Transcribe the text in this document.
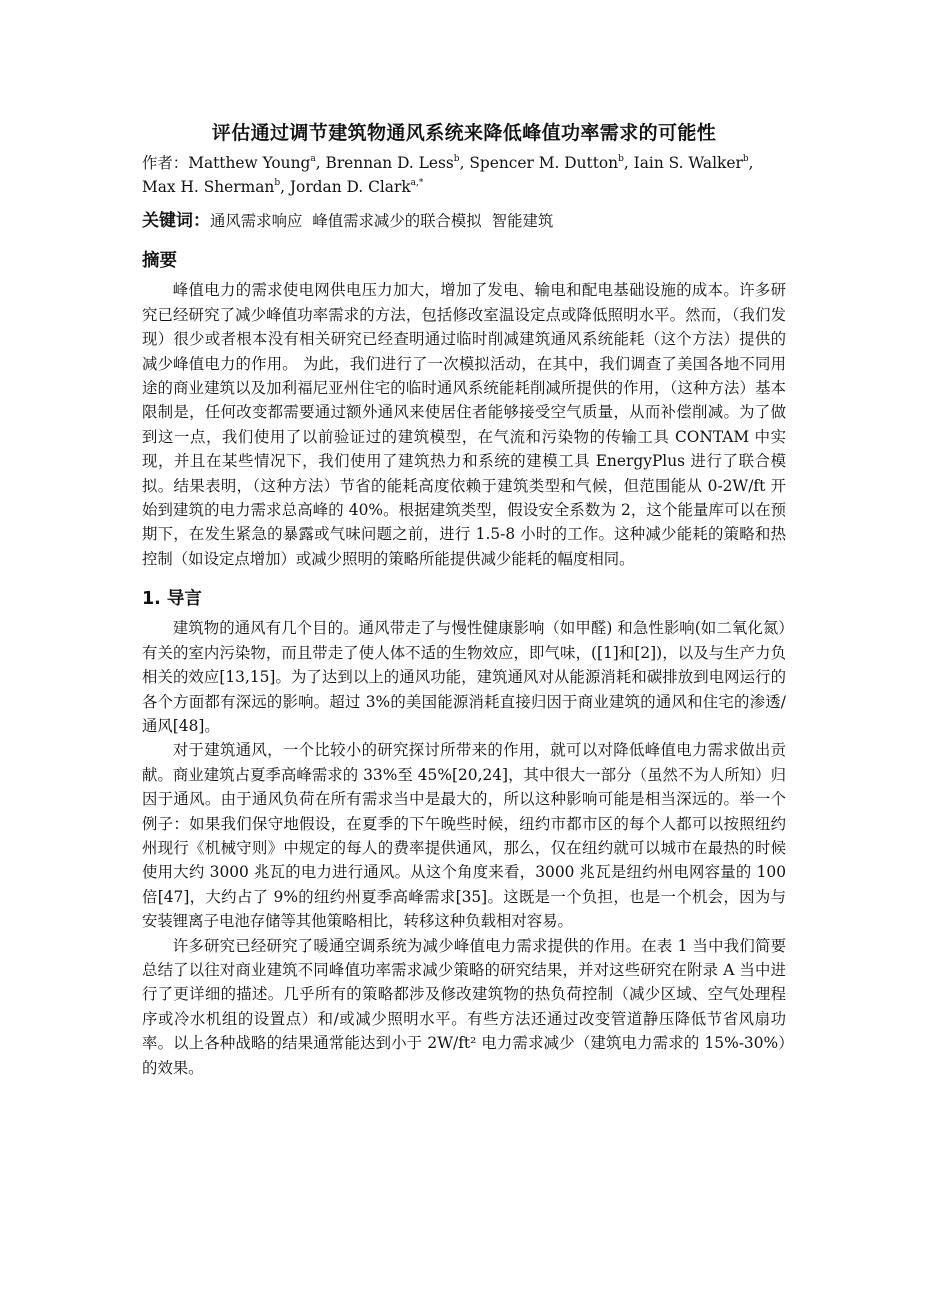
评估通过调节建筑物通风系统来降低峰值功率需求的可能性

作者：Matthew Young$^a$, Brennan D. Less$^b$, Spencer M. Dutton$^b$, Iain S. Walker$^b$,
Max H. Sherman$^b$, Jordan D. Clark$^{a,*}$

关键词：通风需求响应 峰值需求减少的联合模拟 智能建筑

摘要

峰值电力的需求使电网供电压力加大，增加了发电、输电和配电基础设施的成本。许多研究已经研究了减少峰值功率需求的方法，包括修改室温设定点或降低照明水平。然而，（我们发现）很少或者根本没有相关研究已经查明通过临时削减建筑通风系统能耗（这个方法）提供的减少峰值电力的作用。 为此，我们进行了一次模拟活动，在其中，我们调查了美国各地不同用途的商业建筑以及加利福尼亚州住宅的临时通风系统能耗削减所提供的作用，（这种方法）基本限制是，任何改变都需要通过额外通风来使居住者能够接受空气质量，从而补偿削减。为了做到这一点，我们使用了以前验证过的建筑模型，在气流和污染物的传输工具 CONTAM 中实现，并且在某些情况下，我们使用了建筑热力和系统的建模工具 EnergyPlus 进行了联合模拟。结果表明，（这种方法）节省的能耗高度依赖于建筑类型和气候，但范围能从 0-2W/ft 开始到建筑的电力需求总高峰的 40%。根据建筑类型，假设安全系数为 2，这个能量库可以在预期下，在发生紧急的暴露或气味问题之前，进行 1.5-8 小时的工作。这种减少能耗的策略和热控制（如设定点增加）或减少照明的策略所能提供减少能耗的幅度相同。

1. 导言

建筑物的通风有几个目的。通风带走了与慢性健康影响（如甲醛) 和急性影响(如二氧化氮）有关的室内污染物，而且带走了使人体不适的生物效应，即气味，([1]和[2])，以及与生产力负相关的效应[13,15]。为了达到以上的通风功能，建筑通风对从能源消耗和碳排放到电网运行的各个方面都有深远的影响。超过 3%的美国能源消耗直接归因于商业建筑的通风和住宅的渗透/通风[48]。

对于建筑通风，一个比较小的研究探讨所带来的作用，就可以对降低峰值电力需求做出贡献。商业建筑占夏季高峰需求的 33%至 45%[20,24]，其中很大一部分（虽然不为人所知）归因于通风。由于通风负荷在所有需求当中是最大的，所以这种影响可能是相当深远的。举一个例子：如果我们保守地假设，在夏季的下午晚些时候，纽约市都市区的每个人都可以按照纽约州现行《机械守则》中规定的每人的费率提供通风，那么，仅在纽约就可以城市在最热的时候使用大约 3000 兆瓦的电力进行通风。从这个角度来看，3000 兆瓦是纽约州电网容量的 100 倍[47]，大约占了 9%的纽约州夏季高峰需求[35]。这既是一个负担，也是一个机会，因为与安装锂离子电池存储等其他策略相比，转移这种负载相对容易。

许多研究已经研究了暖通空调系统为减少峰值电力需求提供的作用。在表 1 当中我们简要总结了以往对商业建筑不同峰值功率需求减少策略的研究结果，并对这些研究在附录 A 当中进行了更详细的描述。几乎所有的策略都涉及修改建筑物的热负荷控制（减少区域、空气处理程序或冷水机组的设置点）和/或减少照明水平。有些方法还通过改变管道静压降低节省风扇功率。以上各种战略的结果通常能达到小于 2W/ft² 电力需求减少（建筑电力需求的 15%-30%）的效果。
